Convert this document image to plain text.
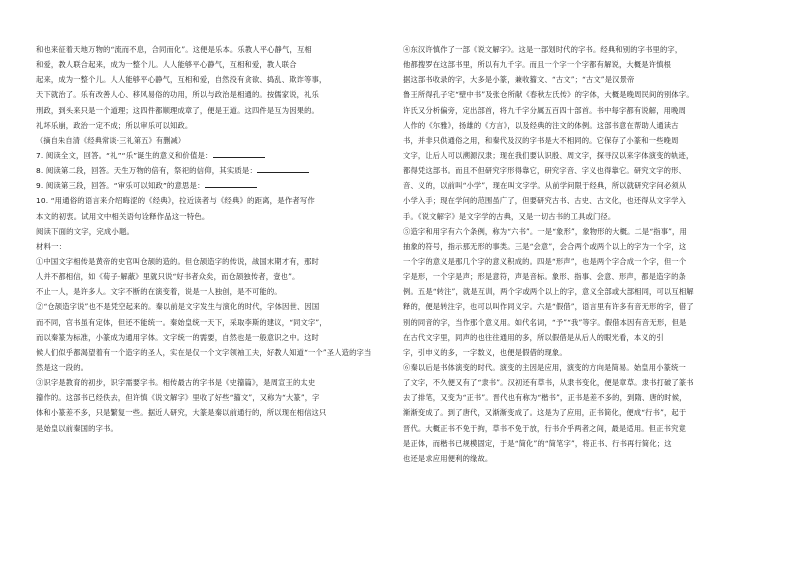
和也来征着天地万物的“流而不息，合同而化”。这便是乐本。乐教人平心静气，互相
和爱，教人联合起来，成为一整个儿。人人能够平心静气，互相和爱，教人联合
起来，成为一整个儿。人人能够平心静气，互相和爱，自然没有贪欲、捣乱、欺诈等事，
天下就治了。乐有改善人心、移风易俗的功用，所以与政治是相通的。按儒家说，礼乐
刑政，到头来只是一个道理；这四件都顺理成章了，便是王道。这四件是互为因果的。
礼坏乐崩，政治一定不成；所以审乐可以知政。
（摘自朱自清《经典常谈·三礼第五》有删减）
7. 阅读全文，回答。“礼”“乐”诞生的意义和价值是：
8. 阅读第二段，回答。天生万物的倍有，祭祀的信仰，其实质是：
9. 阅读第三段，回答。“审乐可以知政”的意思是：
10. “用通俗的语言来介绍晦涩的《经典》，拉近读者与《经典》的距离，是作者写作
本文的初衷。试用文中相关语句诠释作品这一特色。
阅读下面的文字，完成小题。
材料一：
①中国文字相传是黄帝的史官叫仓颉的造的。但仓颉造字的传说，战国末期才有，那时
人并不都相信，如《荀子·解蔽》里就只说“好书者众矣，而仓颉独传者，壹也”。
不止一人，是许多人。文字不断的在演变着，说是一人独创，是不可能的。
②“仓颉造字说”也不是凭空起来的。秦以前是文字发生与演化的时代，字体因世、因国
而不同，官书虽有定体，但还不能统一。秦始皇统一天下，采取李斯的建议，“同文字”，
而以秦篆为标准，小篆成为通用字体。文字统一的需要，自然也是一般意识之中。这时
候人们似乎都渴望着有一个造字的圣人，实在是仅一个文字领袖工夫，好教人知道“一个”圣人造的字当
然是这一段的。
③识字是教育的初步，识字需要字书。相传最古的字书是《史籀篇》，是周宣王的太史
籀作的。这部书已经佚去，但许慎《说文解字》里收了好些“籀文”，又称为“大篆”，字
体和小篆差不多，只是繁复一些。据近人研究，大篆是秦以前通行的，所以现在相信这只
是始皇以前秦国的字书。
④东汉许慎作了一部《说文解字》。这是一部划时代的字书。经典和别的字书里的字，
他都搜罗在这部书里，所以有九千字。而且一个字一个字都有解说，大概是许慎根
据这部书收录的字，大多是小篆，兼收籀文、“古文”；“古文”是汉景帝
鲁王所得孔子宅“壁中书”及张仓所献《春秋左氏传》的字体，大概是晚周民间的别体字。
许氏又分析偏旁，定出部首，将九千字分属五百四十部首。书中每字都有说解，用晚周
人作的《尔雅》，扬雄的《方言》，以及经典的注文的体例。这部书意在帮助人通读古
书，并非只供通俗之用，和秦代及汉的字书是大不相同的。它保存了小篆和一些晚周
文字，让后人可以溯源汉隶；现在我们要认识殷、周文字，探寻汉以来字体演变的轨迹，
都得凭这部书。而且不但研究字形得靠它，研究字音、字义也得靠它。研究文字的形、
音、义的，以前叫“小学”，现在叫文字学。从前学问限于经典，所以就研究字问必须从
小学入手；现在学问的范围虽广了，但要研究古书、古史、古文化，也还得从文字学入
手。《说文解字》是文字学的古典，又是一切古书的工具或门径。
⑤造字和用字有六个条例，称为“六书”。一是“象形”，象物形的大概。二是“指事”，用
抽象的符号，指示那无形的事类。三是“会意”，会合两个或两个以上的字为一个字，这
一个字的意义是那几个字的意义积成的。四是“形声”，也是两个字合成一个字，但一个
字是形，一个字是声；形是意符，声是音标。象形、指事、会意、形声，都是造字的条
例。五是“转注”，就是互训，两个字或两个以上的字，意义全部或大部相同，可以互相解
释的，便是转注字，也可以叫作同义字。六是“假借”，语言里有许多有音无形的字，借了
别的同音的字，当作那个意义用。如代名词，“予”“我”等字。假借本因有音无形，但是
在古代文字里，同声的也往往通用的多，所以假借是从后人的眼光看，本义的引
字，引申义的多，一字数义，也便是假借的现象。
⑥秦以后是书体演变的时代。演变的主因是应用，演变的方向是简易。始皇用小篆统一
了文字，不久便又有了“隶书”。汉初还有草书，从隶书变化，便是章草。隶书打破了篆书
去了排笔，又变为“正书”。晋代也有称为“楷书”，正书是差不多的，到隋、唐的时候，
渐渐变成了。到了唐代，又渐渐变成了。这是为了应用，正书简化，便成“行书”，起于
晋代。大概正书不免于拘，草书不免于放，行书介乎两者之间，最是适用。但正书究竟
是正体，而楷书已规模固定，于是“简化”的“简笔字”，将正书、行书再行简化；这
也还是求应用便利的缘故。
